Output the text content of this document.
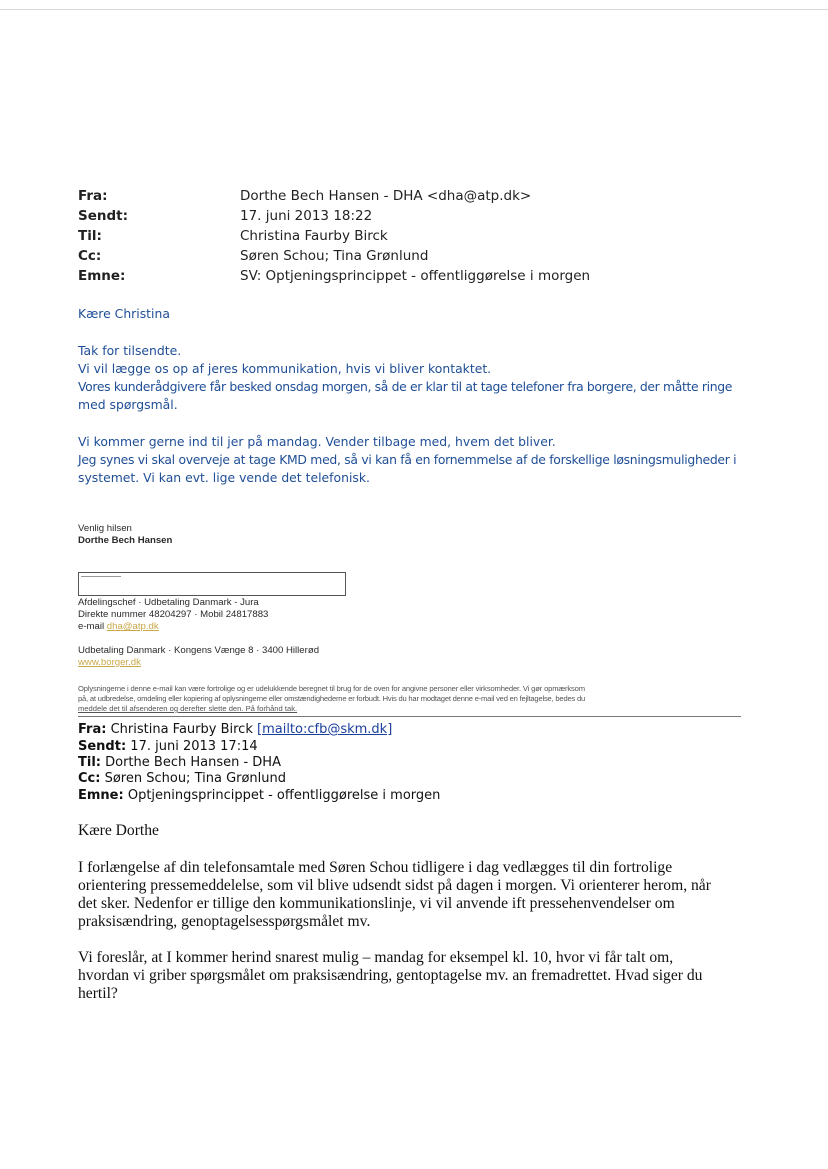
Fra:	Dorthe Bech Hansen - DHA <dha@atp.dk>
Sendt:	17. juni 2013 18:22
Til:	Christina Faurby Birck
Cc:	Søren Schou; Tina Grønlund
Emne:	SV: Optjeningsprincippet - offentliggørelse i morgen
Kære Christina
Tak for tilsendte.
Vi vil lægge os op af jeres kommunikation, hvis vi bliver kontaktet.
Vores kunderådgivere får besked onsdag morgen, så de er klar til at tage telefoner fra borgere, der måtte ringe
med spørgsmål.
Vi kommer gerne ind til jer på mandag. Vender tilbage med, hvem det bliver.
Jeg synes vi skal overveje at tage KMD med, så vi kan få en fornemmelse af de forskellige løsningsmuligheder i
systemet. Vi kan evt. lige vende det telefonisk.
Venlig hilsen
Dorthe Bech Hansen
Afdelingschef · Udbetaling Danmark - Jura
Direkte nummer 48204297 · Mobil 24817883
e-mail dha@atp.dk
Udbetaling Danmark · Kongens Vænge 8 · 3400 Hillerød
www.borger.dk
Oplysningerne i denne e-mail kan være fortrolige og er udelukkende beregnet til brug for de oven for angivne personer eller virksomheder. Vi gør opmærksom
på, at udbredelse, omdeling eller kopiering af oplysningerne eller omstændighederne er forbudt. Hvis du har modtaget denne e-mail ved en fejltagelse, bedes du
meddele det til afsenderen og derefter slette den. På forhånd tak.
Fra: Christina Faurby Birck [mailto:cfb@skm.dk]
Sendt: 17. juni 2013 17:14
Til: Dorthe Bech Hansen - DHA
Cc: Søren Schou; Tina Grønlund
Emne: Optjeningsprincippet - offentliggørelse i morgen
Kære Dorthe
I forlængelse af din telefonsamtale med Søren Schou tidligere i dag vedlægges til din fortrolige
orientering pressemeddelelse, som vil blive udsendt sidst på dagen i morgen. Vi orienterer herom, når
det sker. Nedenfor er tillige den kommunikationslinje, vi vil anvende ift pressehenvendelser om
praksisændring, genoptagelsesspørgsmålet mv.
Vi foreslår, at I kommer herind snarest mulig – mandag for eksempel kl. 10, hvor vi får talt om,
hvordan vi griber spørgsmålet om praksisændring, gentoptagelse mv. an fremadrettet. Hvad siger du
hertil?
